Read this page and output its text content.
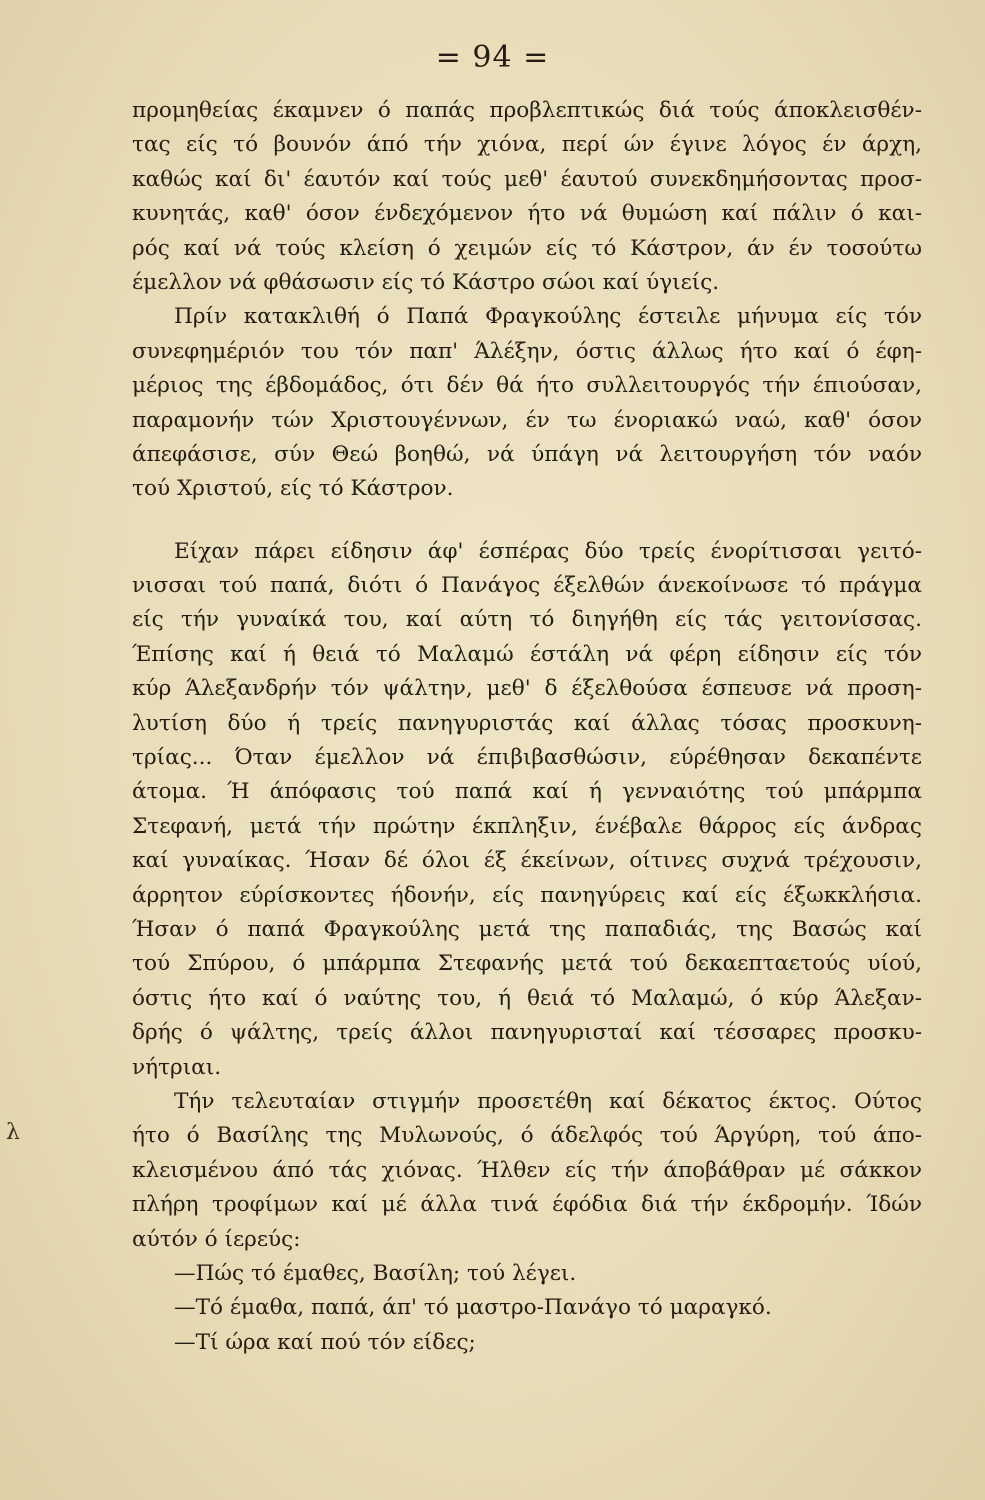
= 94 =
λ
προμηθείας έκαμνεν ό παπάς προβλεπτικώς διά τούς άποκλεισθέν-
τας είς τό βουνόν άπό τήν χιόνα, περί ών έγινε λόγος έν άρχη,
καθώς καί δι' έαυτόν καί τούς μεθ' έαυτού συνεκδημήσοντας προσ-
κυνητάς, καθ' όσον ένδεχόμενον ήτο νά θυμώση καί πάλιν ό και-
ρός καί νά τούς κλείση ό χειμών είς τό Κάστρον, άν έν τοσούτω
έμελλον νά φθάσωσιν είς τό Κάστρο σώοι καί ύγιείς.
Πρίν κατακλιθή ό Παπά Φραγκούλης έστειλε μήνυμα είς τόν
συνεφημέριόν του τόν παπ' Άλέξην, όστις άλλως ήτο καί ό έφη-
μέριος της έβδομάδος, ότι δέν θά ήτο συλλειτουργός τήν έπιούσαν,
παραμονήν τών Χριστουγέννων, έν τω ένοριακώ ναώ, καθ' όσον
άπεφάσισε, σύν Θεώ βοηθώ, νά ύπάγη νά λειτουργήση τόν ναόν
τού Χριστού, είς τό Κάστρον.
Είχαν πάρει είδησιν άφ' έσπέρας δύο τρείς ένορίτισσαι γειτό-
νισσαι τού παπά, διότι ό Πανάγος έξελθών άνεκοίνωσε τό πράγμα
είς τήν γυναίκά του, καί αύτη τό διηγήθη είς τάς γειτονίσσας.
Έπίσης καί ή θειά τό Μαλαμώ έστάλη νά φέρη είδησιν είς τόν
κύρ Άλεξανδρήν τόν ψάλτην, μεθ' δ έξελθούσα έσπευσε νά προση-
λυτίση δύο ή τρείς πανηγυριστάς καί άλλας τόσας προσκυνη-
τρίας... Όταν έμελλον νά έπιβιβασθώσιν, εύρέθησαν δεκαπέντε
άτομα. Ή άπόφασις τού παπά καί ή γενναιότης τού μπάρμπα
Στεφανή, μετά τήν πρώτην έκπληξιν, ένέβαλε θάρρος είς άνδρας
καί γυναίκας. Ήσαν δέ όλοι έξ έκείνων, οίτινες συχνά τρέχουσιν,
άρρητον εύρίσκοντες ήδονήν, είς πανηγύρεις καί είς έξωκκλήσια.
Ήσαν ό παπά Φραγκούλης μετά της παπαδιάς, της Βασώς καί
τού Σπύρου, ό μπάρμπα Στεφανής μετά τού δεκαεπταετούς υίού,
όστις ήτο καί ό ναύτης του, ή θειά τό Μαλαμώ, ό κύρ Άλεξαν-
δρής ό ψάλτης, τρείς άλλοι πανηγυρισταί καί τέσσαρες προσκυ-
νήτριαι.
Τήν τελευταίαν στιγμήν προσετέθη καί δέκατος έκτος. Ούτος
ήτο ό Βασίλης της Μυλωνούς, ό άδελφός τού Άργύρη, τού άπο-
κλεισμένου άπό τάς χιόνας. Ήλθεν είς τήν άποβάθραν μέ σάκκον
πλήρη τροφίμων καί μέ άλλα τινά έφόδια διά τήν έκδρομήν. Ίδών
αύτόν ό ίερεύς:
—Πώς τό έμαθες, Βασίλη; τού λέγει.
—Τό έμαθα, παπά, άπ' τό μαστρο-Πανάγο τό μαραγκό.
—Τί ώρα καί πού τόν είδες;
